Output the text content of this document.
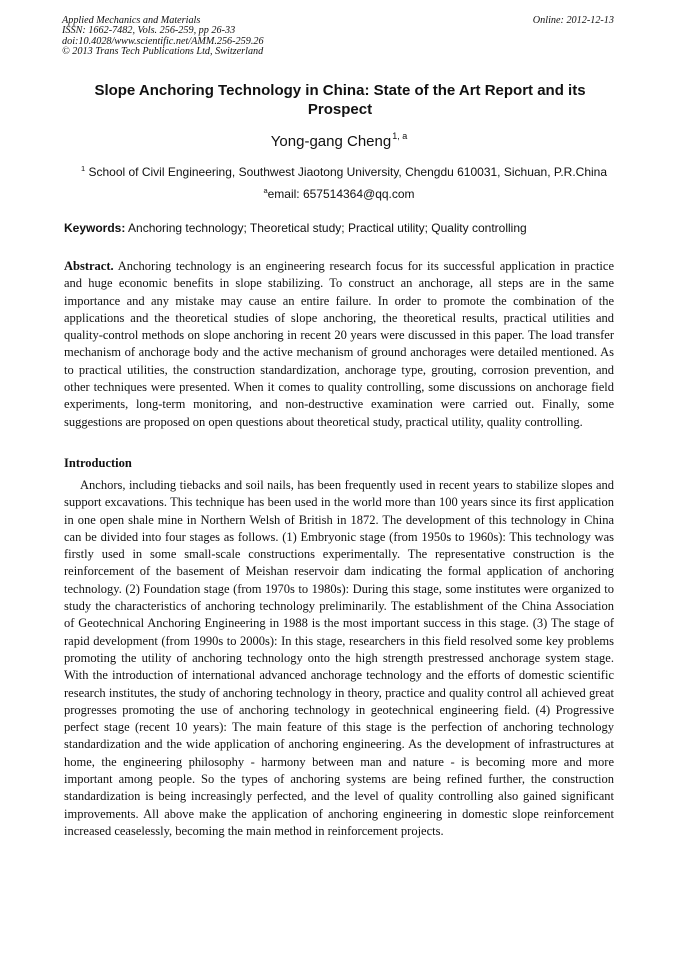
Applied Mechanics and Materials
ISSN: 1662-7482, Vols. 256-259, pp 26-33
doi:10.4028/www.scientific.net/AMM.256-259.26
© 2013 Trans Tech Publications Ltd, Switzerland
Online: 2012-12-13
Slope Anchoring Technology in China: State of the Art Report and its Prospect
Yong-gang Cheng$^{1, a}$
$^1$ School of Civil Engineering, Southwest Jiaotong University, Chengdu 610031, Sichuan, P.R.China
$^a$email: 657514364@qq.com
Keywords: Anchoring technology; Theoretical study; Practical utility; Quality controlling

Abstract. Anchoring technology is an engineering research focus for its successful application in practice and huge economic benefits in slope stabilizing. To construct an anchorage, all steps are in the same importance and any mistake may cause an entire failure. In order to promote the combination of the applications and the theoretical studies of slope anchoring, the theoretical results, practical utilities and quality-control methods on slope anchoring in recent 20 years were discussed in this paper. The load transfer mechanism of anchorage body and the active mechanism of ground anchorages were detailed mentioned. As to practical utilities, the construction standardization, anchorage type, grouting, corrosion prevention, and other techniques were presented. When it comes to quality controlling, some discussions on anchorage field experiments, long-term monitoring, and non-destructive examination were carried out. Finally, some suggestions are proposed on open questions about theoretical study, practical utility, quality controlling.

Introduction

Anchors, including tiebacks and soil nails, has been frequently used in recent years to stabilize slopes and support excavations. This technique has been used in the world more than 100 years since its first application in one open shale mine in Northern Welsh of British in 1872. The development of this technology in China can be divided into four stages as follows. (1) Embryonic stage (from 1950s to 1960s): This technology was firstly used in some small-scale constructions experimentally. The representative construction is the reinforcement of the basement of Meishan reservoir dam indicating the formal application of anchoring technology. (2) Foundation stage (from 1970s to 1980s): During this stage, some institutes were organized to study the characteristics of anchoring technology preliminarily. The establishment of the China Association of Geotechnical Anchoring Engineering in 1988 is the most important success in this stage. (3) The stage of rapid development (from 1990s to 2000s): In this stage, researchers in this field resolved some key problems promoting the utility of anchoring technology onto the high strength prestressed anchorage system stage. With the introduction of international advanced anchorage technology and the efforts of domestic scientific research institutes, the study of anchoring technology in theory, practice and quality control all achieved great progresses promoting the use of anchoring technology in geotechnical engineering field. (4) Progressive perfect stage (recent 10 years): The main feature of this stage is the perfection of anchoring technology standardization and the wide application of anchoring engineering. As the development of infrastructures at home, the engineering philosophy - harmony between man and nature - is becoming more and more important among people. So the types of anchoring systems are being refined further, the construction standardization is being increasingly perfected, and the level of quality controlling also gained significant improvements. All above make the application of anchoring engineering in domestic slope reinforcement increased ceaselessly, becoming the main method in reinforcement projects.
